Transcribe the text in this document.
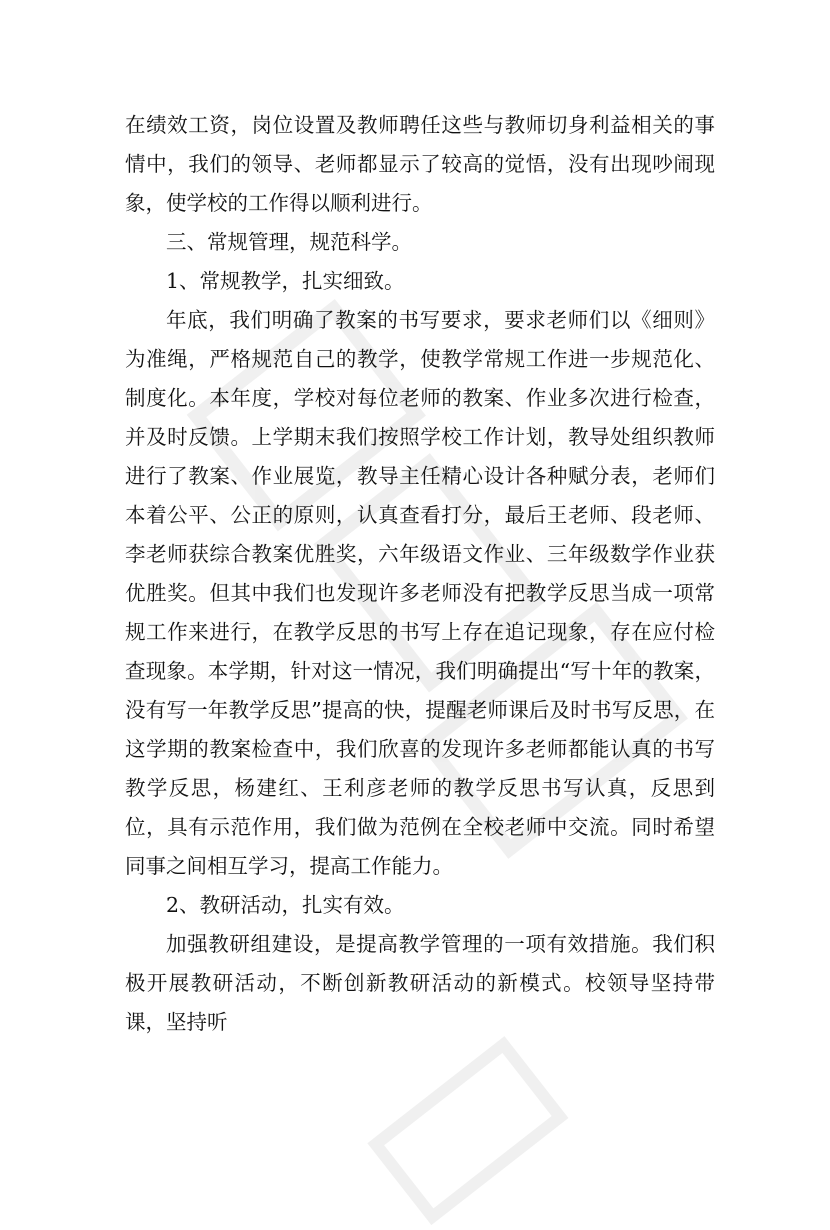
在绩效工资，岗位设置及教师聘任这些与教师切身利益相关的事情中，我们的领导、老师都显示了较高的觉悟，没有出现吵闹现象，使学校的工作得以顺利进行。

三、常规管理，规范科学。

1、常规教学，扎实细致。

年底，我们明确了教案的书写要求，要求老师们以《细则》为准绳，严格规范自己的教学，使教学常规工作进一步规范化、制度化。本年度，学校对每位老师的教案、作业多次进行检查，并及时反馈。上学期末我们按照学校工作计划，教导处组织教师进行了教案、作业展览，教导主任精心设计各种赋分表，老师们本着公平、公正的原则，认真查看打分，最后王老师、段老师、李老师获综合教案优胜奖，六年级语文作业、三年级数学作业获优胜奖。但其中我们也发现许多老师没有把教学反思当成一项常规工作来进行，在教学反思的书写上存在追记现象，存在应付检查现象。本学期，针对这一情况，我们明确提出“写十年的教案，没有写一年教学反思”提高的快，提醒老师课后及时书写反思，在这学期的教案检查中，我们欣喜的发现许多老师都能认真的书写教学反思，杨建红、王利彦老师的教学反思书写认真，反思到位，具有示范作用，我们做为范例在全校老师中交流。同时希望同事之间相互学习，提高工作能力。

2、教研活动，扎实有效。

加强教研组建设，是提高教学管理的一项有效措施。我们积极开展教研活动，不断创新教研活动的新模式。校领导坚持带课，坚持听
